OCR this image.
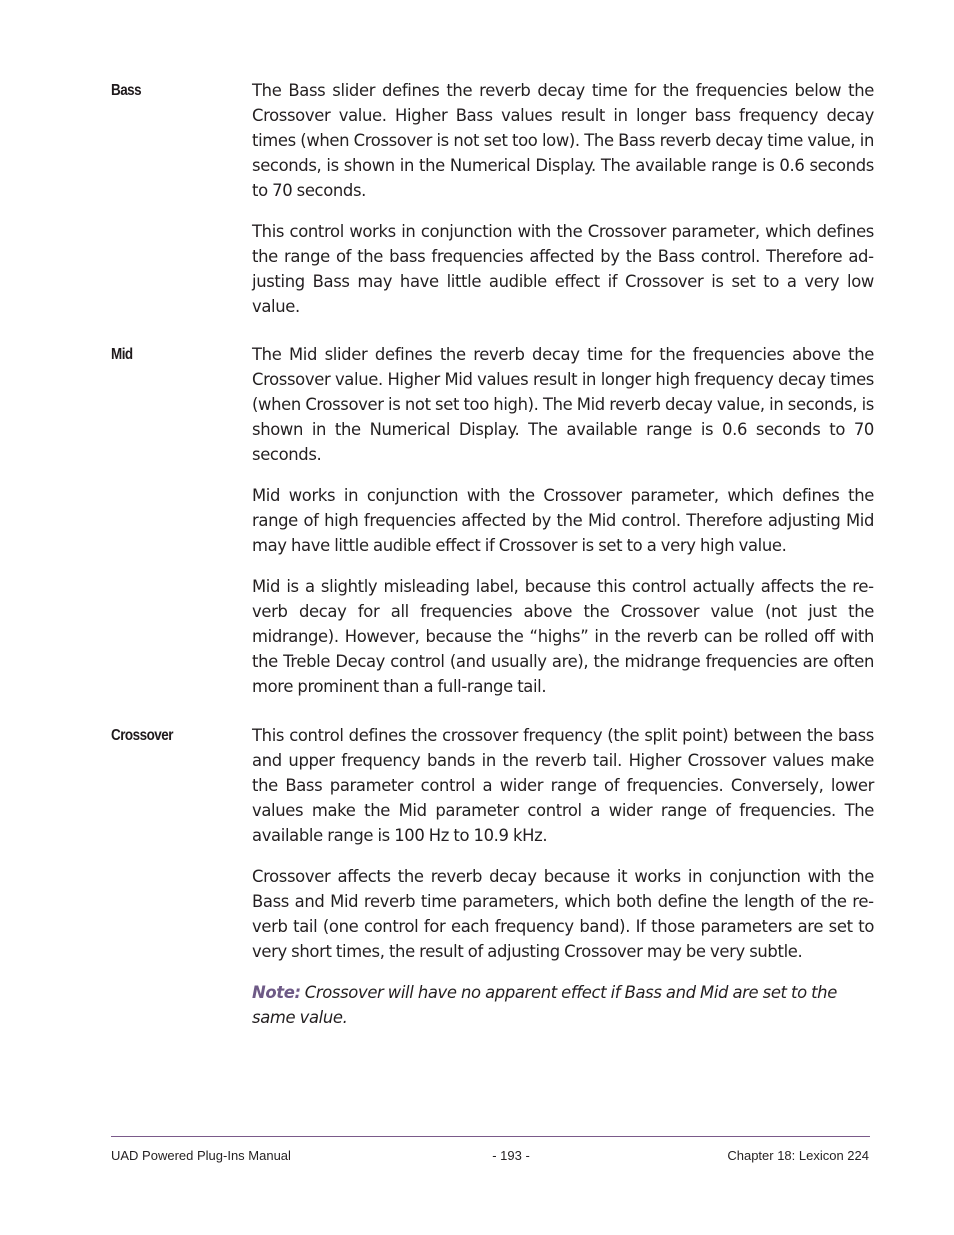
Bass	The Bass slider defines the reverb decay time for the frequencies below the Crossover value. Higher Bass values result in longer bass frequency decay times (when Crossover is not set too low). The Bass reverb decay time value, in seconds, is shown in the Numerical Display. The available range is 0.6 seconds to 70 seconds.

This control works in conjunction with the Crossover parameter, which defines the range of the bass frequencies affected by the Bass control. Therefore adjusting Bass may have little audible effect if Crossover is set to a very low value.

Mid	The Mid slider defines the reverb decay time for the frequencies above the Crossover value. Higher Mid values result in longer high frequency decay times (when Crossover is not set too high). The Mid reverb decay value, in seconds, is shown in the Numerical Display. The available range is 0.6 seconds to 70 seconds.

Mid works in conjunction with the Crossover parameter, which defines the range of high frequencies affected by the Mid control. Therefore adjusting Mid may have little audible effect if Crossover is set to a very high value.

Mid is a slightly misleading label, because this control actually affects the reverb decay for all frequencies above the Crossover value (not just the midrange). However, because the “highs” in the reverb can be rolled off with the Treble Decay control (and usually are), the midrange frequencies are often more prominent than a full-range tail.

Crossover	This control defines the crossover frequency (the split point) between the bass and upper frequency bands in the reverb tail. Higher Crossover values make the Bass parameter control a wider range of frequencies. Conversely, lower values make the Mid parameter control a wider range of frequencies. The available range is 100 Hz to 10.9 kHz.

Crossover affects the reverb decay because it works in conjunction with the Bass and Mid reverb time parameters, which both define the length of the reverb tail (one control for each frequency band). If those parameters are set to very short times, the result of adjusting Crossover may be very subtle.

Note: Crossover will have no apparent effect if Bass and Mid are set to the same value.

UAD Powered Plug-Ins Manual	- 193 -	Chapter 18: Lexicon 224
